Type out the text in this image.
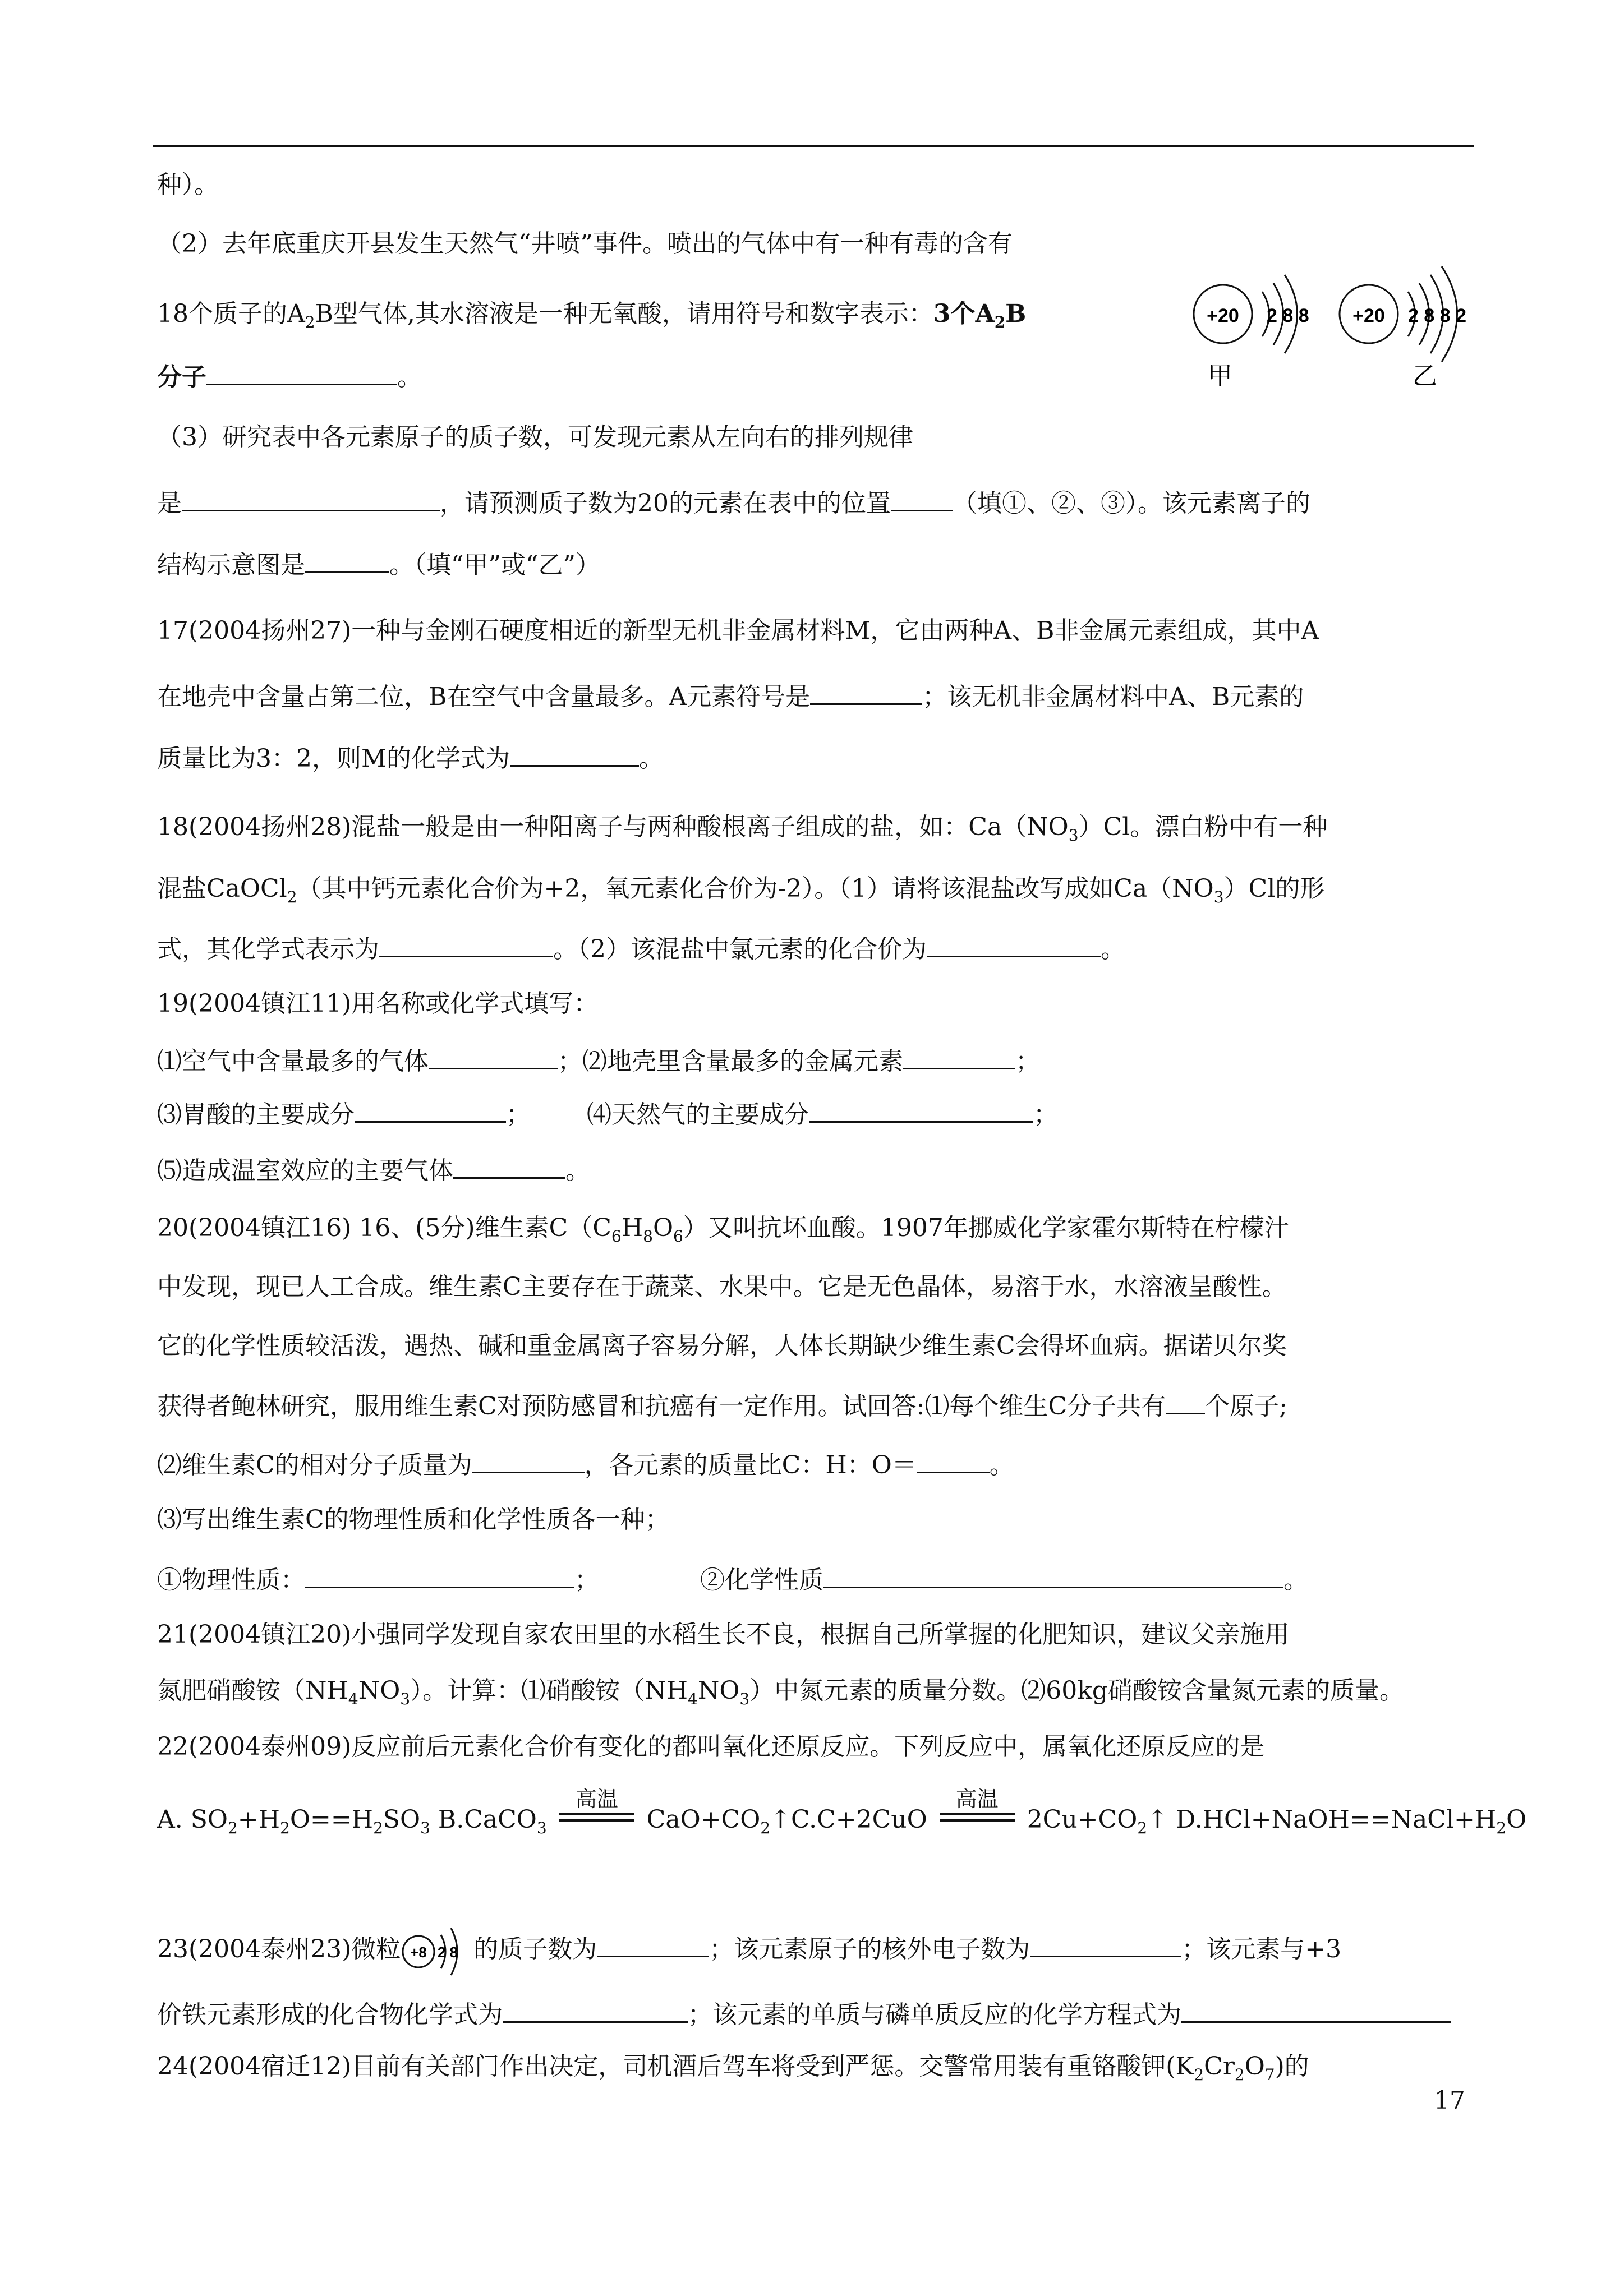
种）。
（2）去年底重庆开县发生天然气“井喷”事件。喷出的气体中有一种有毒的含有
18个质子的$A_2B$型气体,其水溶液是一种无氧酸，请用符号和数字表示：3个$A_2B$
分子	。
+20 2 8 8
甲
+20 2 8 8 2
乙
（3）研究表中各元素原子的质子数，可发现元素从左向右的排列规律
是	，请预测质子数为20的元素在表中的位置	（填①、②、③）。该元素离子的
结构示意图是	。（填“甲”或“乙”）
17(2004扬州27)一种与金刚石硬度相近的新型无机非金属材料M，它由两种A、B非金属元素组成，其中A
在地壳中含量占第二位，B在空气中含量最多。A元素符号是	；该无机非金属材料中A、B元素的
质量比为3：2，则M的化学式为	。
18(2004扬州28)混盐一般是由一种阳离子与两种酸根离子组成的盐，如：$Ca(NO_3)Cl$。漂白粉中有一种
混盐CaOCl$_2$（其中钙元素化合价为+2，氧元素化合价为-2）。（1）请将该混盐改写成如$Ca(NO_3)Cl$的形
式，其化学式表示为	。（2）该混盐中氯元素的化合价为	。
19(2004镇江11)用名称或化学式填写：
⑴空气中含量最多的气体	；⑵地壳里含量最多的金属元素	；
⑶胃酸的主要成分	； ⑷天然气的主要成分	；
⑸造成温室效应的主要气体	。
20(2004镇江16) 16、(5分)维生素$C(C_6H_8O_6)$又叫抗坏血酸。1907年挪威化学家霍尔斯特在柠檬汁
中发现，现已人工合成。维生素C主要存在于蔬菜、水果中。它是无色晶体，易溶于水，水溶液呈酸性。
它的化学性质较活泼，遇热、碱和重金属离子容易分解，人体长期缺少维生素C会得坏血病。据诺贝尔奖
获得者鲍林研究，服用维生素C对预防感冒和抗癌有一定作用。试回答:⑴每个维生C分子共有 个原子;
⑵维生素C的相对分子质量为	，各元素的质量比C：H：O＝	。
⑶写出维生素C的物理性质和化学性质各一种；
①物理性质：	；	②化学性质	。
21(2004镇江20)小强同学发现自家农田里的水稻生长不良，根据自己所掌握的化肥知识，建议父亲施用
氮肥硝酸铵$(NH_4NO_3)$。计算：⑴硝酸铵$(NH_4NO_3)$中氮元素的质量分数。⑵60kg硝酸铵含量氮元素的质量。
22(2004泰州09)反应前后元素化合价有变化的都叫氧化还原反应。下列反应中，属氧化还原反应的是
A. $SO_2+H_2O==H_2SO_3$ B.CaCO$_3$
高温
$CaO+CO_2↑C.C+2CuO$
高温
$2Cu+CO_2↑$ $D.HCl+NaOH==NaCl+H_2O$
23(2004泰州23)微粒 +8 2 8 的质子数为	；该元素原子的核外电子数为	；该元素与+3
价铁元素形成的化合物化学式为	；该元素的单质与磷单质反应的化学方程式为
24(2004宿迁12)目前有关部门作出决定，司机酒后驾车将受到严惩。交警常用装有重铬酸钾$(K_2Cr_2O_7)$的
17
